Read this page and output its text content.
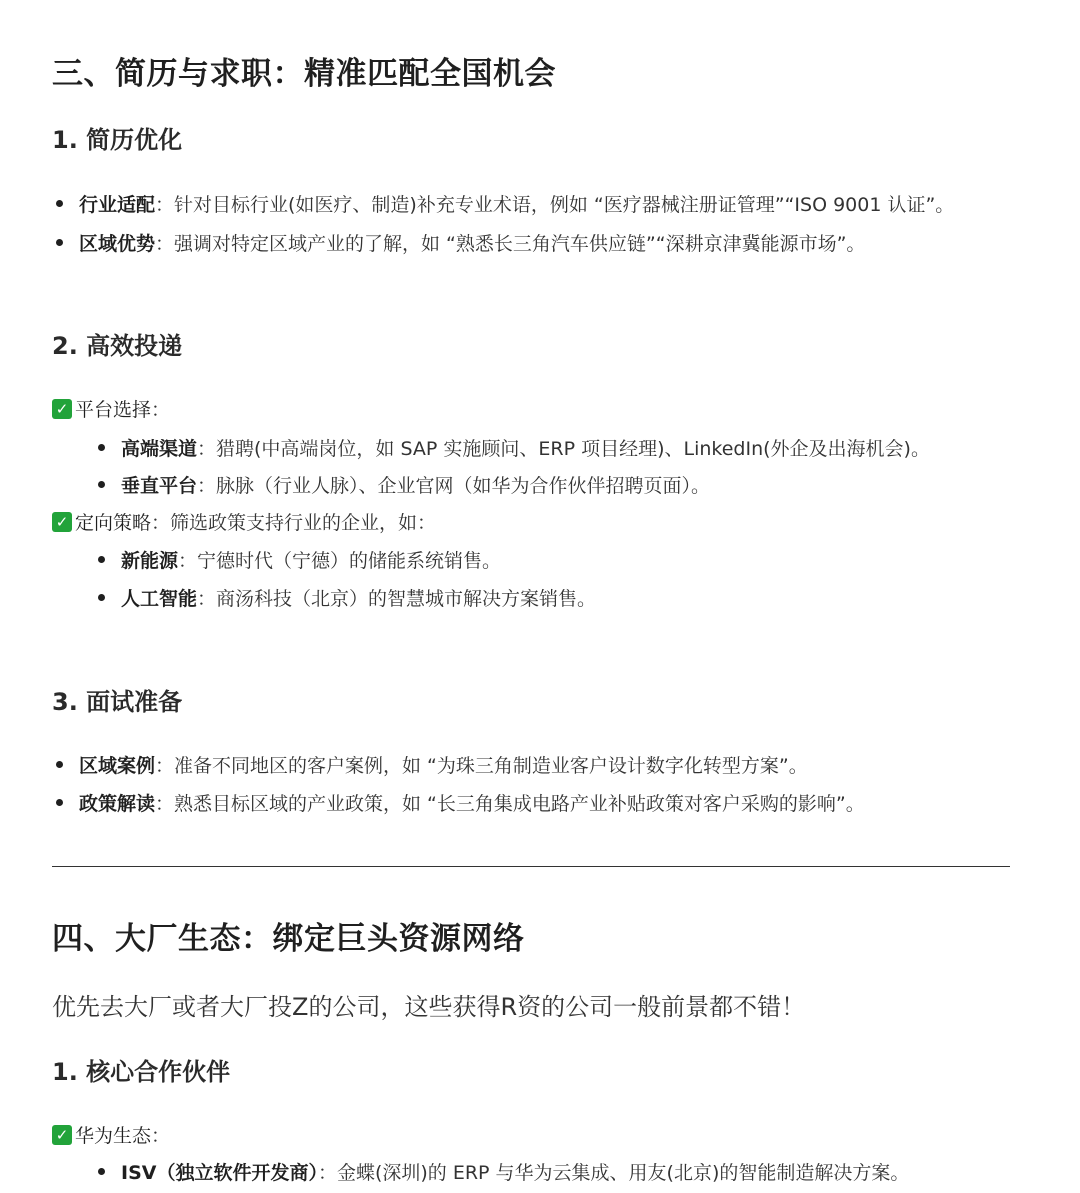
三、简历与求职：精准匹配全国机会
1. 简历优化
行业适配：针对目标行业(如医疗、制造)补充专业术语，例如 “医疗器械注册证管理”“ISO 9001 认证”。
区域优势：强调对特定区域产业的了解，如 “熟悉长三角汽车供应链”“深耕京津冀能源市场”。
2. 高效投递
✓ 平台选择：
高端渠道：猎聘(中高端岗位，如 SAP 实施顾问、ERP 项目经理)、LinkedIn(外企及出海机会)。
垂直平台：脉脉（行业人脉）、企业官网（如华为合作伙伴招聘页面）。
✓ 定向策略：筛选政策支持行业的企业，如：
新能源：宁德时代（宁德）的储能系统销售。
人工智能：商汤科技（北京）的智慧城市解决方案销售。
3. 面试准备
区域案例：准备不同地区的客户案例，如 “为珠三角制造业客户设计数字化转型方案”。
政策解读：熟悉目标区域的产业政策，如 “长三角集成电路产业补贴政策对客户采购的影响”。
四、大厂生态：绑定巨头资源网络
优先去大厂或者大厂投Z的公司，这些获得R资的公司一般前景都不错！
1. 核心合作伙伴
✓ 华为生态：
ISV（独立软件开发商）：金蝶(深圳)的 ERP 与华为云集成、用友(北京)的智能制造解决方案。
